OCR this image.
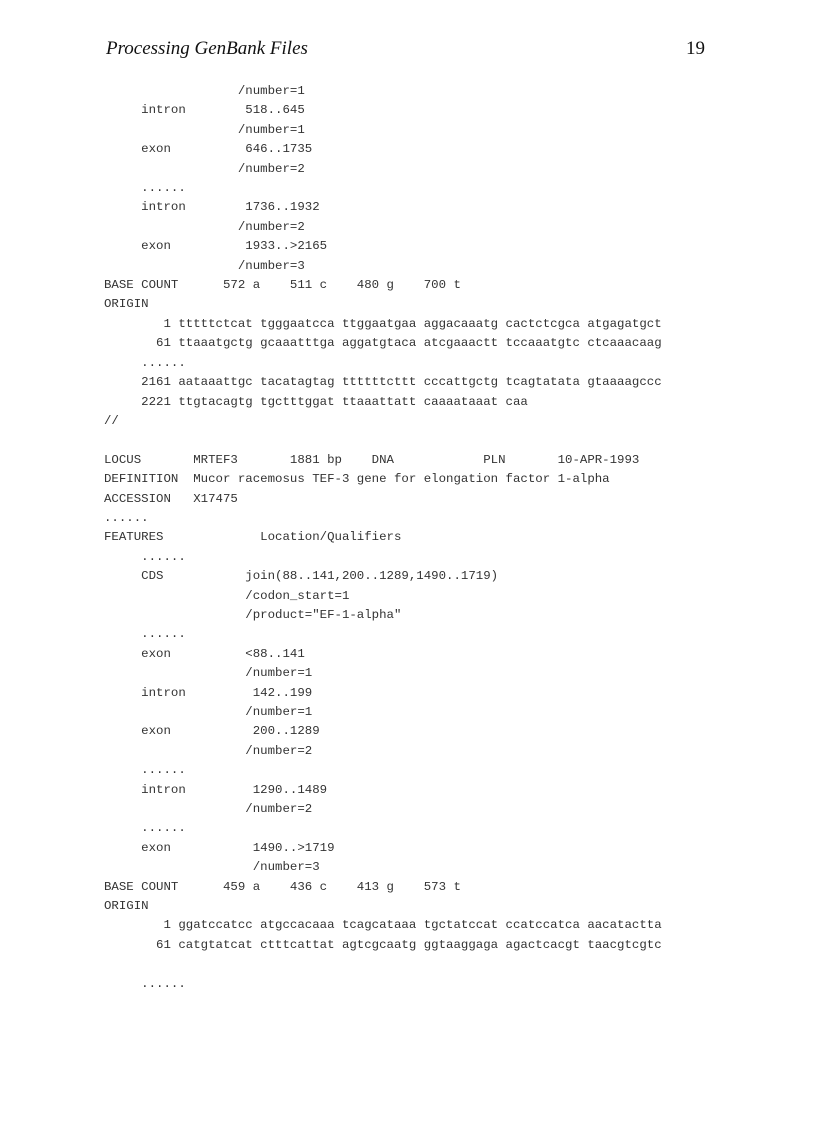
Processing GenBank Files	19
/number=1
intron        518..645
/number=1
exon          646..1735
/number=2
......
intron        1736..1932
/number=2
exon          1933..>2165
/number=3
BASE COUNT      572 a    511 c    480 g    700 t
ORIGIN
1 tttttctcat tgggaatcca ttggaatgaa aggacaaatg cactctcgca atgagatgct
61 ttaaatgctg gcaaatttga aggatgtaca atcgaaactt tccaaatgtc ctcaaacaag
......
2161 aataaattgc tacatagtag ttttttcttt cccattgctg tcagtatata gtaaaagccc
2221 ttgtacagtg tgctttggat ttaaattatt caaaataaat caa
//
LOCUS       MRTEF3       1881 bp    DNA            PLN       10-APR-1993
DEFINITION  Mucor racemosus TEF-3 gene for elongation factor 1-alpha
ACCESSION   X17475
......
FEATURES             Location/Qualifiers
......
CDS           join(88..141,200..1289,1490..1719)
/codon_start=1
/product="EF-1-alpha"
......
exon          <88..141
/number=1
intron         142..199
/number=1
exon           200..1289
/number=2
......
intron         1290..1489
/number=2
......
exon           1490..>1719
/number=3
BASE COUNT      459 a    436 c    413 g    573 t
ORIGIN
1 ggatccatcc atgccacaaa tcagcataaa tgctatccat ccatccatca aacatactta
61 catgtatcat ctttcattat agtcgcaatg ggtaaggaga agactcacgt taacgtcgtc
......
